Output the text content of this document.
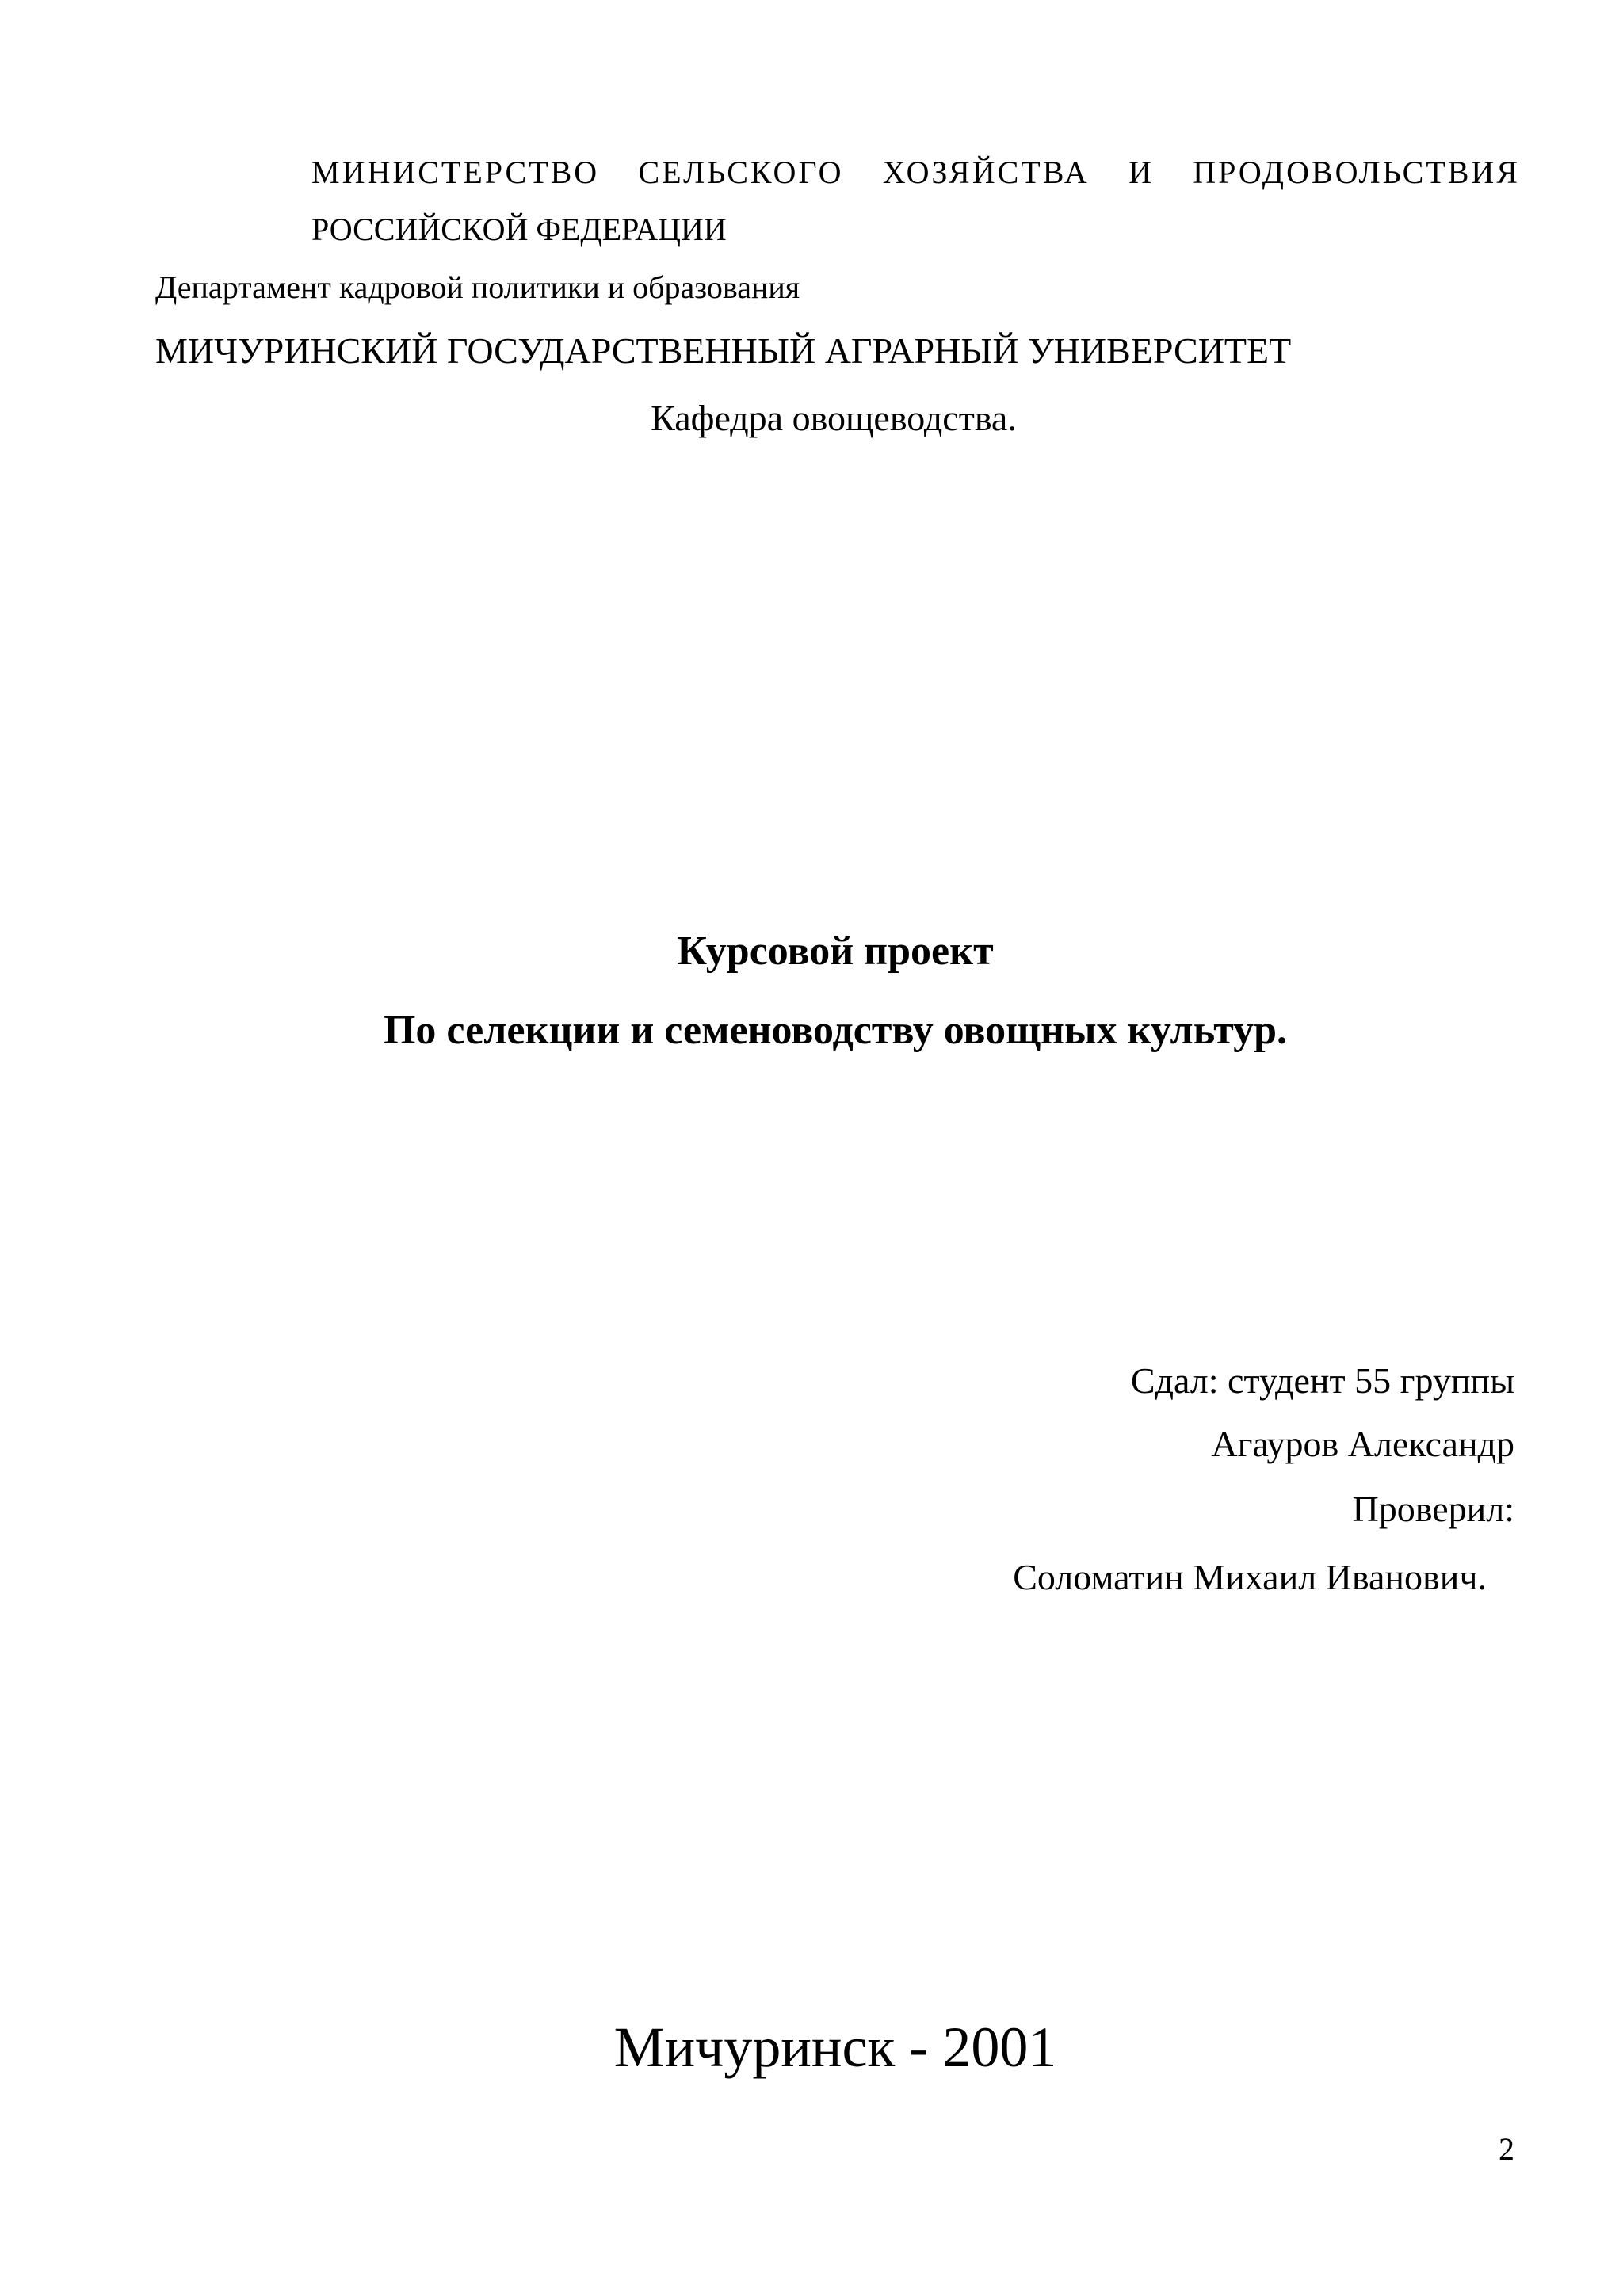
МИНИСТЕРСТВО СЕЛЬСКОГО ХОЗЯЙСТВА И ПРОДОВОЛЬСТВИЯ
РОССИЙСКОЙ ФЕДЕРАЦИИ
Департамент кадровой политики и образования
МИЧУРИНСКИЙ ГОСУДАРСТВЕННЫЙ АГРАРНЫЙ УНИВЕРСИТЕТ
Кафедра овощеводства.
Курсовой проект
По селекции и семеноводству овощных культур.
Сдал: студент 55 группы
Агауров Александр
Проверил:
Соломатин Михаил Иванович.
Мичуринск - 2001
2
